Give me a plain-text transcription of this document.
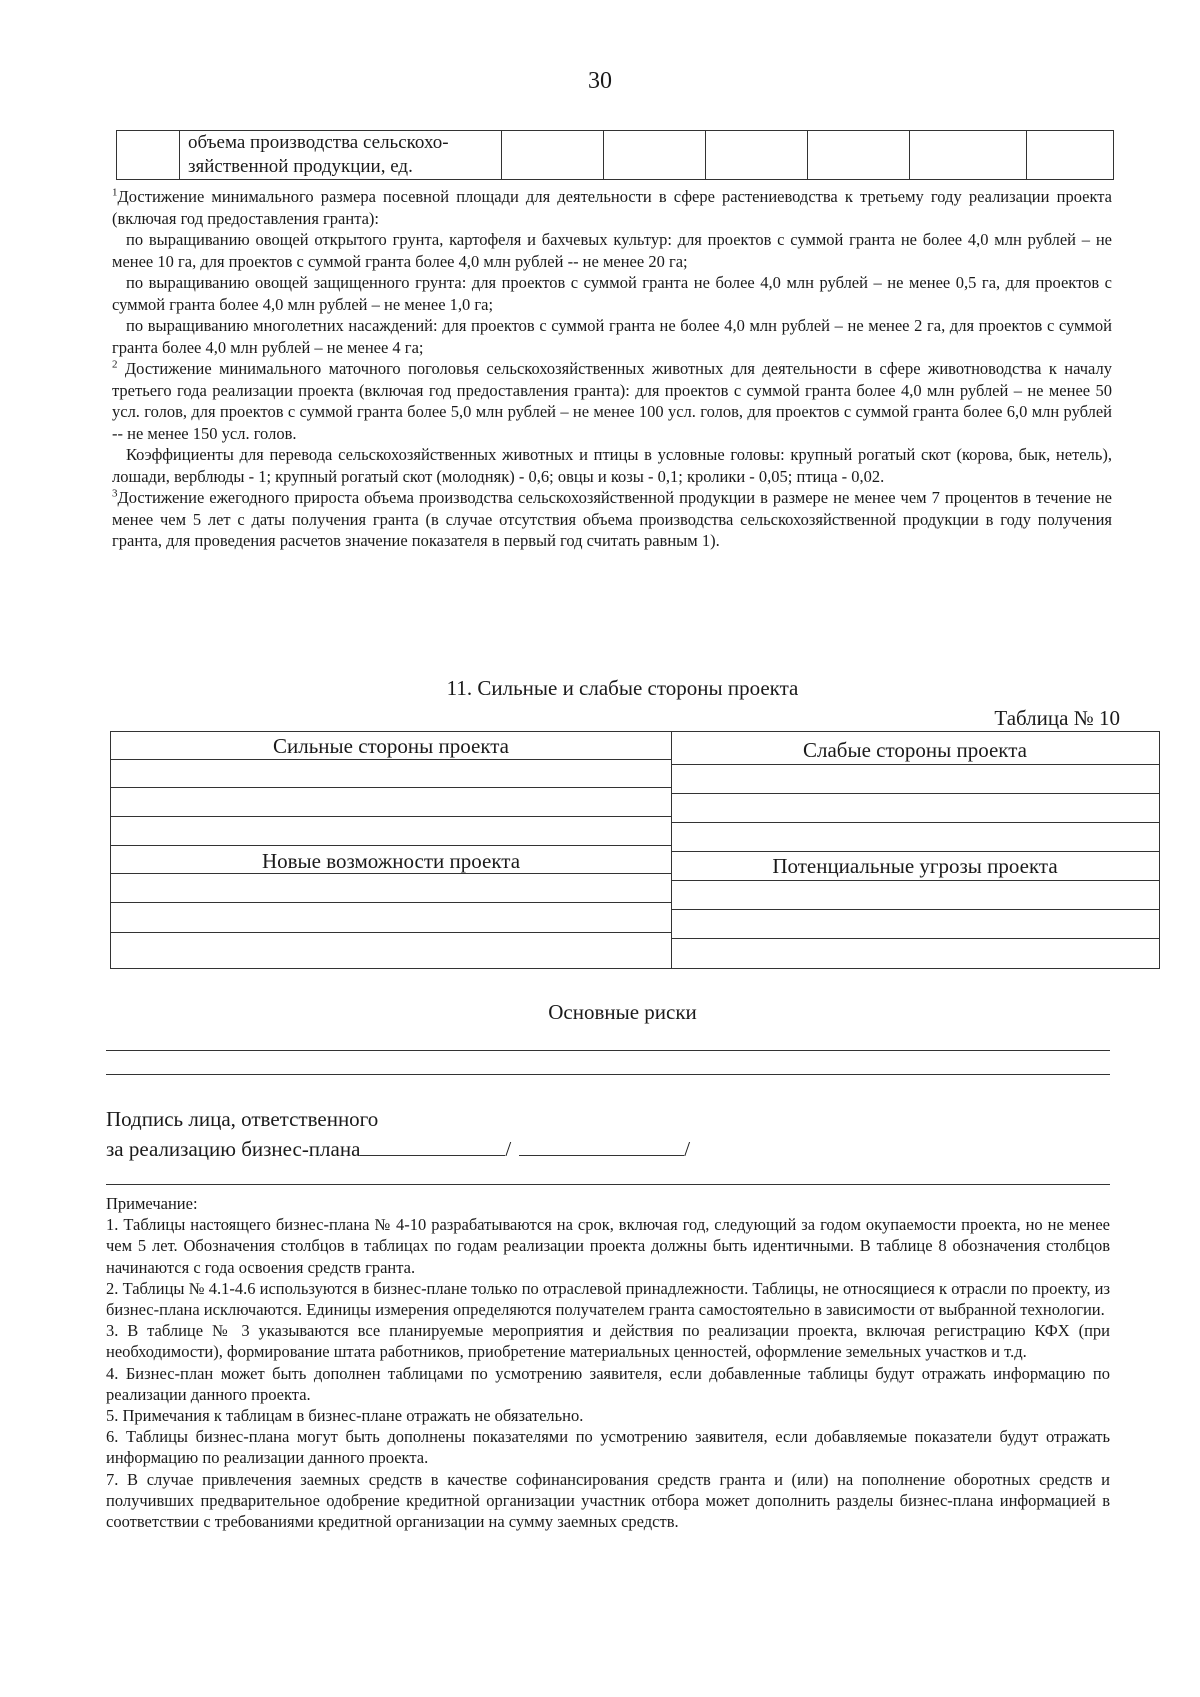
30
	объема производства сельскохо-
зяйственной продукции, ед.						

$^1$Достижение минимального размера посевной площади для деятельности в сфере растениеводства к третьему году реализации проекта (включая год предоставления гранта):

по выращиванию овощей открытого грунта, картофеля и бахчевых культур: для проектов с суммой гранта не более 4,0 млн рублей – не менее 10 га, для проектов с суммой гранта более 4,0 млн рублей -- не менее 20 га;

по выращиванию овощей защищенного грунта: для проектов с суммой гранта не более 4,0 млн рублей – не менее 0,5 га, для проектов с суммой гранта более 4,0 млн рублей – не менее 1,0 га;

по выращиванию многолетних насаждений: для проектов с суммой гранта не более 4,0 млн рублей – не менее 2 га, для проектов с суммой гранта более 4,0 млн рублей – не менее 4 га;

$^2$ Достижение минимального маточного поголовья сельскохозяйственных животных для деятельности в сфере животноводства к началу третьего года реализации проекта (включая год предоставления гранта): для проектов с суммой гранта более 4,0 млн рублей – не менее 50 усл. голов, для проектов с суммой гранта более 5,0 млн рублей – не менее 100 усл. голов, для проектов с суммой гранта более 6,0 млн рублей -- не менее 150 усл. голов.

Коэффициенты для перевода сельскохозяйственных животных и птицы в условные головы: крупный рогатый скот (корова, бык, нетель), лошади, верблюды - 1; крупный рогатый скот (молодняк) - 0,6; овцы и козы - 0,1; кролики - 0,05; птица - 0,02.

$^3$Достижение ежегодного прироста объема производства сельскохозяйственной продукции в размере не менее чем 7 процентов в течение не менее чем 5 лет с даты получения гранта (в случае отсутствия объема производства сельскохозяйственной продукции в году получения гранта, для проведения расчетов значение показателя в первый год считать равным 1).

11. Сильные и слабые стороны проекта
Таблица № 10
Сильные стороны проекта	Слабые стороны проекта
Новые возможности проекта	Потенциальные угрозы проекта
Основные риски
Подпись лица, ответственного
за реализацию бизнес-плана	/	/

Примечание:

1. Таблицы настоящего бизнес-плана № 4-10 разрабатываются на срок, включая год, следующий за годом окупаемости проекта, но не менее чем 5 лет. Обозначения столбцов в таблицах по годам реализации проекта должны быть идентичными. В таблице 8 обозначения столбцов начинаются с года освоения средств гранта.

2. Таблицы № 4.1-4.6 используются в бизнес-плане только по отраслевой принадлежности. Таблицы, не относящиеся к отрасли по проекту, из бизнес-плана исключаются. Единицы измерения определяются получателем гранта самостоятельно в зависимости от выбранной технологии.

3. В таблице № 3 указываются все планируемые мероприятия и действия по реализации проекта, включая регистрацию КФХ (при необходимости), формирование штата работников, приобретение материальных ценностей, оформление земельных участков и т.д.

4. Бизнес-план может быть дополнен таблицами по усмотрению заявителя, если добавленные таблицы будут отражать информацию по реализации данного проекта.

5. Примечания к таблицам в бизнес-плане отражать не обязательно.

6. Таблицы бизнес-плана могут быть дополнены показателями по усмотрению заявителя, если добавляемые показатели будут отражать информацию по реализации данного проекта.

7. В случае привлечения заемных средств в качестве софинансирования средств гранта и (или) на пополнение оборотных средств и получивших предварительное одобрение кредитной организации участник отбора может дополнить разделы бизнес-плана информацией в соответствии с требованиями кредитной организации на сумму заемных средств.
